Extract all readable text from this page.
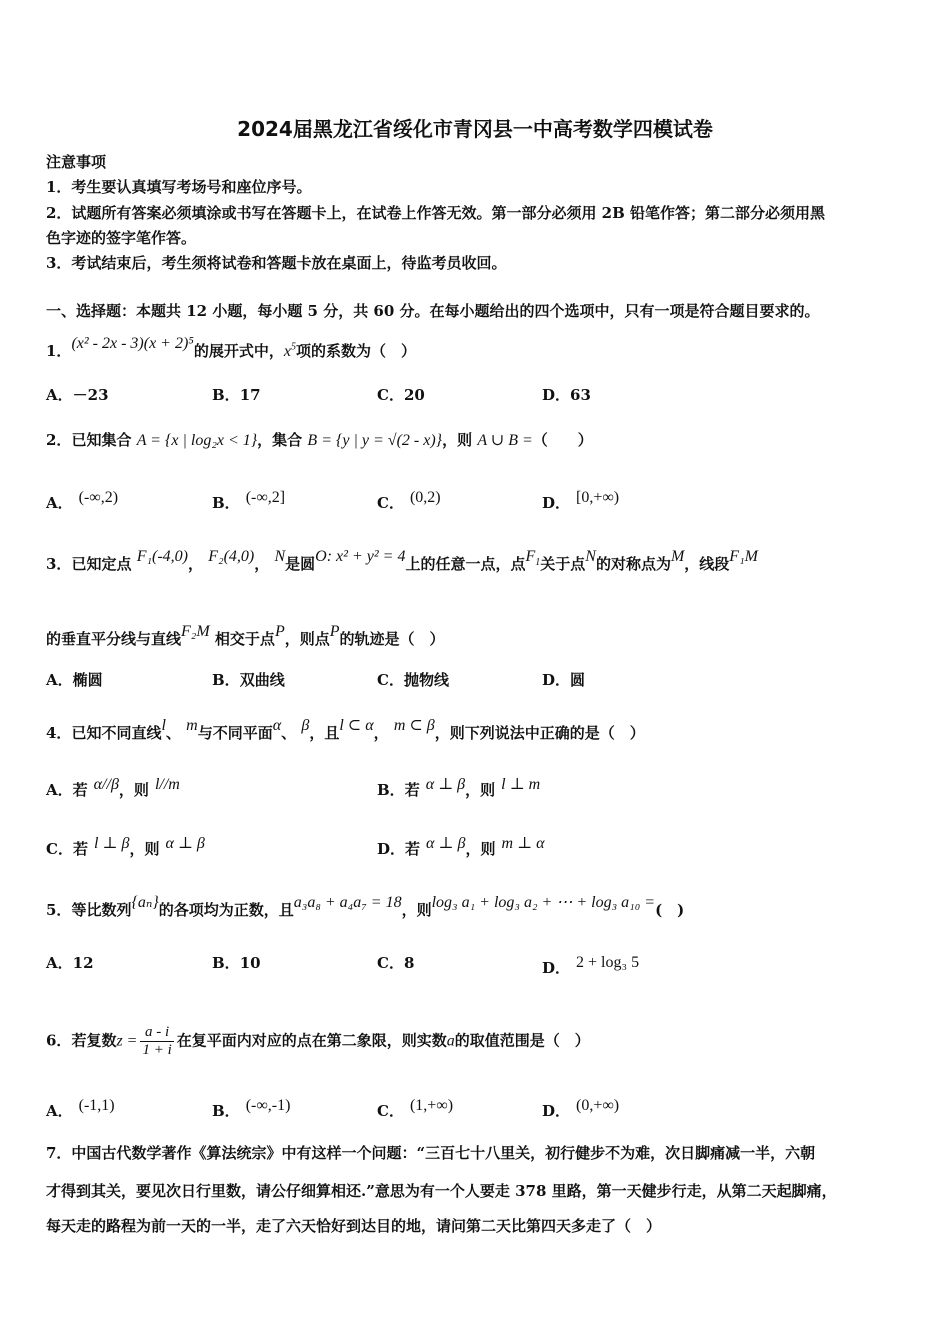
2024届黑龙江省绥化市青冈县一中高考数学四模试卷
注意事项
1．考生要认真填写考场号和座位序号。
2．试题所有答案必须填涂或书写在答题卡上，在试卷上作答无效。第一部分必须用 2B 铅笔作答；第二部分必须用黑
色字迹的签字笔作答。
3．考试结束后，考生须将试卷和答题卡放在桌面上，待监考员收回。
一、选择题：本题共 12 小题，每小题 5 分，共 60 分。在每小题给出的四个选项中，只有一项是符合题目要求的。
1．(x² - 2x - 3)(x + 2)⁵的展开式中，$x^5$项的系数为（　）
A．－23	B．17	C．20	D．63
2．已知集合 A = {x | log₂x < 1}，集合 B = {y | y = √(2 - x)}，则 A ∪ B =（　　）
A． (-∞,2)	B． (-∞,2]	C． (0,2)	D． [0,+∞)
3．已知定点 F₁(-4,0)， F₂(4,0)， N是圆O: x² + y² = 4上的任意一点，点$F_1$关于点N的对称点为M，线段F₁M
的垂直平分线与直线F₂M 相交于点P，则点P的轨迹是（　）
A．椭圆	B．双曲线	C．抛物线	D．圆
4．已知不同直线l、 m与不同平面α、 β，且l ⊂ α， m ⊂ β，则下列说法中正确的是（　）
A．若 α//β，则 l//m	B．若 α ⊥ β，则 l ⊥ m
C．若 l ⊥ β，则 α ⊥ β	D．若 α ⊥ β，则 m ⊥ α
5．等比数列{aₙ}的各项均为正数，且a₃a₈ + a₄a₇ = 18，则log₃ a₁ + log₃ a₂ + ⋯ + log₃ a₁₀ =(　)
A．12	B．10	C．8	D． 2 + log₃ 5
6．若复数$z = \frac{a - i}{1 + i}$ 在复平面内对应的点在第二象限，则实数a的取值范围是（　）
A． (-1,1)	B． (-∞,-1)	C． (1,+∞)	D． (0,+∞)
7．中国古代数学著作《算法统宗》中有这样一个问题：“三百七十八里关，初行健步不为难，次日脚痛减一半，六朝
才得到其关，要见次日行里数，请公仔细算相还.”意思为有一个人要走 378 里路，第一天健步行走，从第二天起脚痛，
每天走的路程为前一天的一半，走了六天恰好到达目的地，请问第二天比第四天多走了（　）
